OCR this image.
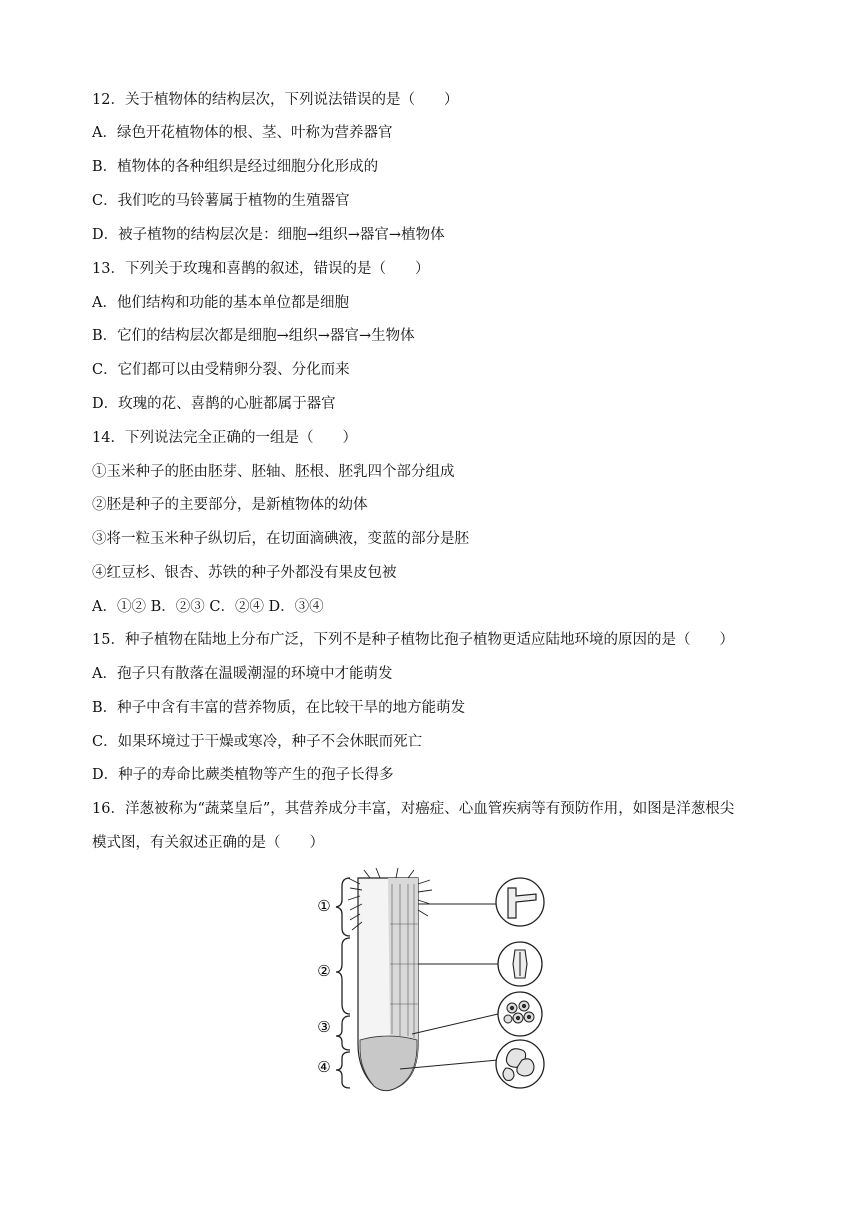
12．关于植物体的结构层次，下列说法错误的是（　　）
A．绿色开花植物体的根、茎、叶称为营养器官
B．植物体的各种组织是经过细胞分化形成的
C．我们吃的马铃薯属于植物的生殖器官
D．被子植物的结构层次是：细胞→组织→器官→植物体
13．下列关于玫瑰和喜鹊的叙述，错误的是（　　）
A．他们结构和功能的基本单位都是细胞
B．它们的结构层次都是细胞→组织→器官→生物体
C．它们都可以由受精卵分裂、分化而来
D．玫瑰的花、喜鹊的心脏都属于器官
14．下列说法完全正确的一组是（　　）
①玉米种子的胚由胚芽、胚轴、胚根、胚乳四个部分组成
②胚是种子的主要部分，是新植物体的幼体
③将一粒玉米种子纵切后，在切面滴碘液，变蓝的部分是胚
④红豆杉、银杏、苏铁的种子外都没有果皮包被
A．①② B．②③ C．②④ D．③④
15．种子植物在陆地上分布广泛，下列不是种子植物比孢子植物更适应陆地环境的原因的是（　　）
A．孢子只有散落在温暖潮湿的环境中才能萌发
B．种子中含有丰富的营养物质，在比较干旱的地方能萌发
C．如果环境过于干燥或寒冷，种子不会休眠而死亡
D．种子的寿命比蕨类植物等产生的孢子长得多
16．洋葱被称为“蔬菜皇后”，其营养成分丰富，对癌症、心血管疾病等有预防作用，如图是洋葱根尖
模式图，有关叙述正确的是（　　）
①
②
③
④
